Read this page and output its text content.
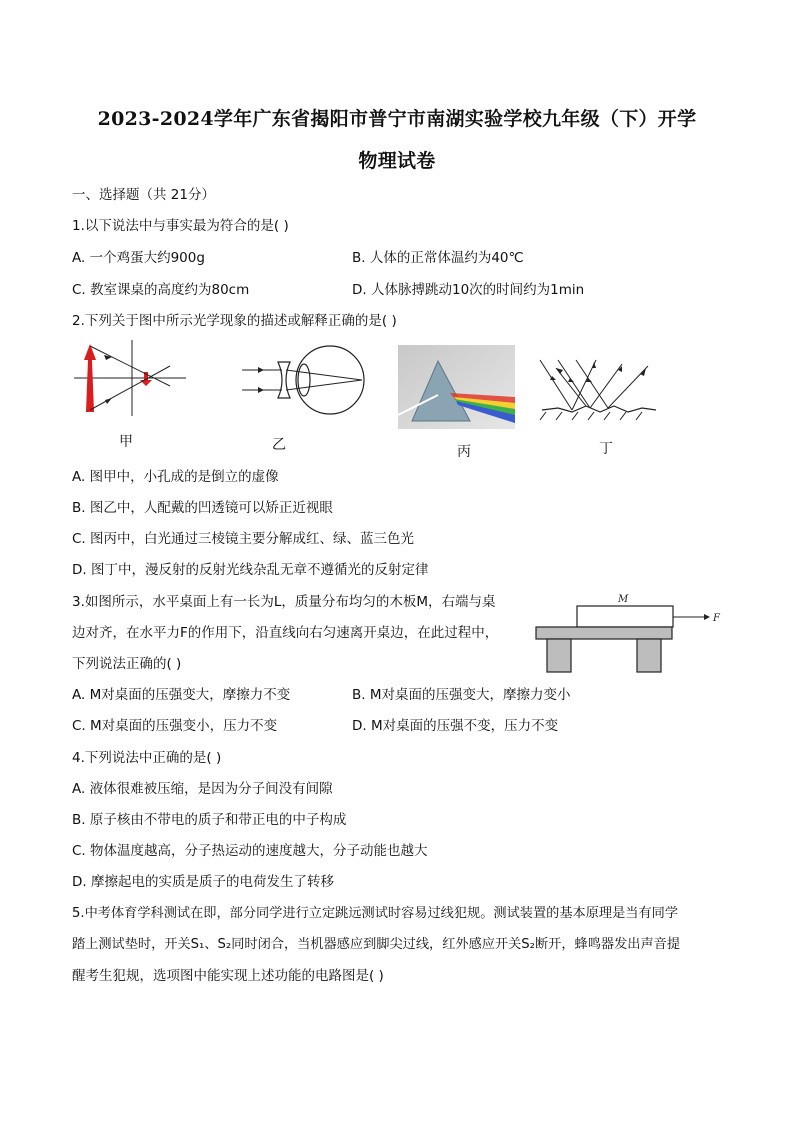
2023-2024学年广东省揭阳市普宁市南湖实验学校九年级（下）开学
物理试卷
一、选择题（共 21分）
1.以下说法中与事实最为符合的是( )
A. 一个鸡蛋大约900g	B. 人体的正常体温约为40℃
C. 教室课桌的高度约为80cm	D. 人体脉搏跳动10次的时间约为1min
2.下列关于图中所示光学现象的描述或解释正确的是( )
甲	乙	丙	丁
A. 图甲中，小孔成的是倒立的虚像
B. 图乙中，人配戴的凹透镜可以矫正近视眼
C. 图丙中，白光通过三棱镜主要分解成红、绿、蓝三色光
D. 图丁中，漫反射的反射光线杂乱无章不遵循光的反射定律
3.如图所示，水平桌面上有一长为L，质量分布均匀的木板M，右端与桌
边对齐，在水平力F的作用下，沿直线向右匀速离开桌边，在此过程中，
下列说法正确的( )
M
F
A. M对桌面的压强变大，摩擦力不变	B. M对桌面的压强变大，摩擦力变小
C. M对桌面的压强变小，压力不变	D. M对桌面的压强不变，压力不变
4.下列说法中正确的是( )
A. 液体很难被压缩，是因为分子间没有间隙
B. 原子核由不带电的质子和带正电的中子构成
C. 物体温度越高，分子热运动的速度越大，分子动能也越大
D. 摩擦起电的实质是质子的电荷发生了转移
5.中考体育学科测试在即，部分同学进行立定跳远测试时容易过线犯规。测试装置的基本原理是当有同学
踏上测试垫时，开关S₁、S₂同时闭合，当机器感应到脚尖过线，红外感应开关S₂断开，蜂鸣器发出声音提
醒考生犯规，选项图中能实现上述功能的电路图是( )
